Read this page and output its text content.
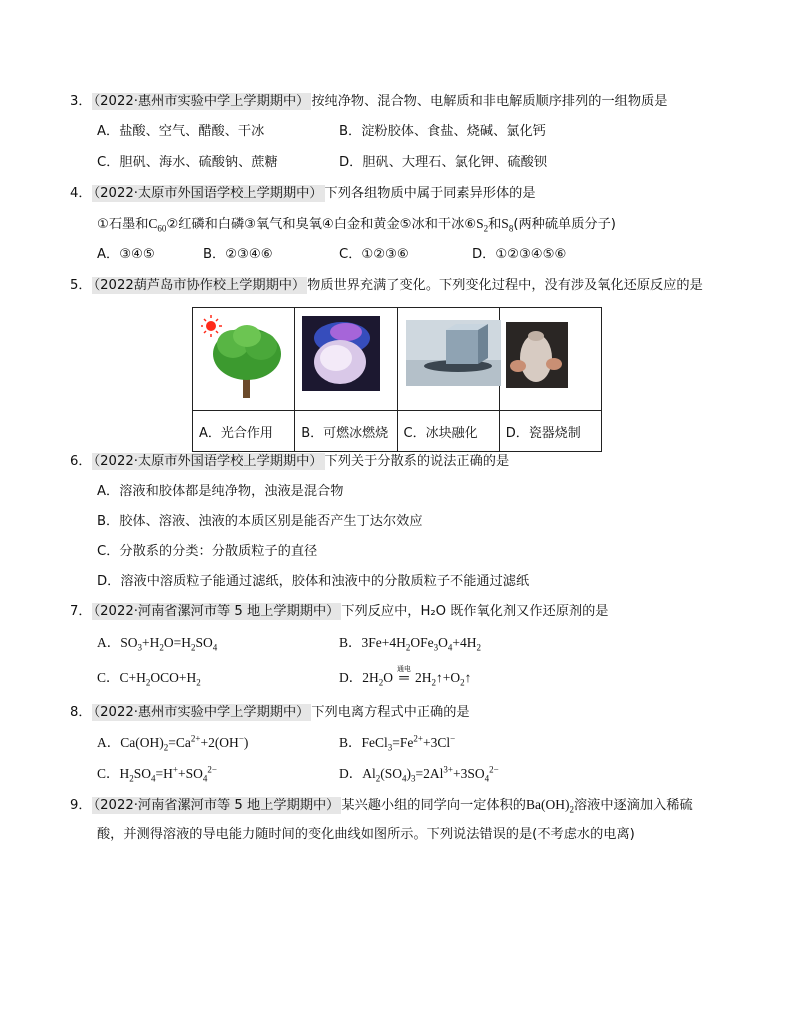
3． （2022·惠州市实验中学上学期期中） 按纯净物、混合物、电解质和非电解质顺序排列的一组物质是
A．盐酸、空气、醋酸、干冰	B．淀粉胶体、食盐、烧碱、氯化钙
C．胆矾、海水、硫酸钠、蔗糖	D．胆矾、大理石、氯化钾、硫酸钡
4． （2022·太原市外国语学校上学期期中） 下列各组物质中属于同素异形体的是
①石墨和$C_{60}②$红磷和白磷③氧气和臭氧④白金和黄金⑤冰和干冰$⑥S_2$和$S_8$(两种硫单质分子)
A．③④⑤	B．②③④⑥	C．①②③⑥	D．①②③④⑤⑥
5． （2022葫芦岛市协作校上学期期中） 物质世界充满了变化。下列变化过程中，没有涉及氧化还原反应的是

A．光合作用	B．可燃冰燃烧	C．冰块融化	D．瓷器烧制
6． （2022·太原市外国语学校上学期期中） 下列关于分散系的说法正确的是
A．溶液和胶体都是纯净物，浊液是混合物
B．胶体、溶液、浊液的本质区别是能否产生丁达尔效应
C．分散系的分类：分散质粒子的直径
D．溶液中溶质粒子能通过滤纸，胶体和浊液中的分散质粒子不能通过滤纸
7． （2022·河南省漯河市等 5 地上学期期中） 下列反应中，H₂O 既作氧化剂又作还原剂的是
A．$SO_3+H_2O=H_2SO_4$	B．$3Fe+4H_2OFe_3O_4+4H_2$
C．$C+H_2OCO+H_2$	D．$2H_2O$
通电
═ $2H_2↑+O_2↑$
8． （2022·惠州市实验中学上学期期中） 下列电离方程式中正确的是
A．$Ca(OH)_2=Ca^{2+}+2(OH^-)$	B．$FeCl_3=Fe^{2+}+3Cl^-$
C．$H_2SO_4=H^++SO_4^{2-}$	D．$Al_2(SO_4)_3=2Al^{3+}+3SO_4^{2-}$
9． （2022·河南省漯河市等 5 地上学期期中） 某兴趣小组的同学向一定体积的$Ba(OH)_2$溶液中逐滴加入稀硫
酸，并测得溶液的导电能力随时间的变化曲线如图所示。下列说法错误的是(不考虑水的电离)
